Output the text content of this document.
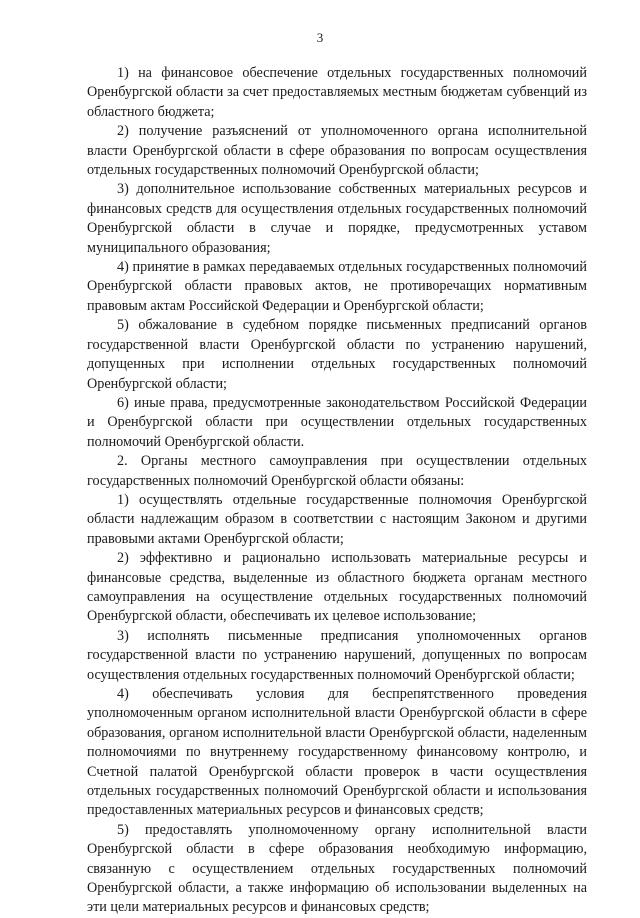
3

1) на финансовое обеспечение отдельных государственных полномочий Оренбургской области за счет предоставляемых местным бюджетам субвенций из областного бюджета;

2) получение разъяснений от уполномоченного органа исполнительной власти Оренбургской области в сфере образования по вопросам осуществления отдельных государственных полномочий Оренбургской области;

3) дополнительное использование собственных материальных ресурсов и финансовых средств для осуществления отдельных государственных полномочий Оренбургской области в случае и порядке, предусмотренных уставом муниципального образования;

4) принятие в рамках передаваемых отдельных государственных полномочий Оренбургской области правовых актов, не противоречащих нормативным правовым актам Российской Федерации и Оренбургской области;

5) обжалование в судебном порядке письменных предписаний органов государственной власти Оренбургской области по устранению нарушений, допущенных при исполнении отдельных государственных полномочий Оренбургской области;

6) иные права, предусмотренные законодательством Российской Федерации и Оренбургской области при осуществлении отдельных государственных полномочий Оренбургской области.

2. Органы местного самоуправления при осуществлении отдельных государственных полномочий Оренбургской области обязаны:

1) осуществлять отдельные государственные полномочия Оренбургской области надлежащим образом в соответствии с настоящим Законом и другими правовыми актами Оренбургской области;

2) эффективно и рационально использовать материальные ресурсы и финансовые средства, выделенные из областного бюджета органам местного самоуправления на осуществление отдельных государственных полномочий Оренбургской области, обеспечивать их целевое использование;

3) исполнять письменные предписания уполномоченных органов государственной власти по устранению нарушений, допущенных по вопросам осуществления отдельных государственных полномочий Оренбургской области;

4) обеспечивать условия для беспрепятственного проведения уполномоченным органом исполнительной власти Оренбургской области в сфере образования, органом исполнительной власти Оренбургской области, наделенным полномочиями по внутреннему государственному финансовому контролю, и Счетной палатой Оренбургской области проверок в части осуществления отдельных государственных полномочий Оренбургской области и использования предоставленных материальных ресурсов и финансовых средств;

5) предоставлять уполномоченному органу исполнительной власти Оренбургской области в сфере образования необходимую информацию, связанную с осуществлением отдельных государственных полномочий Оренбургской области, а также информацию об использовании выделенных на эти цели материальных ресурсов и финансовых средств;
